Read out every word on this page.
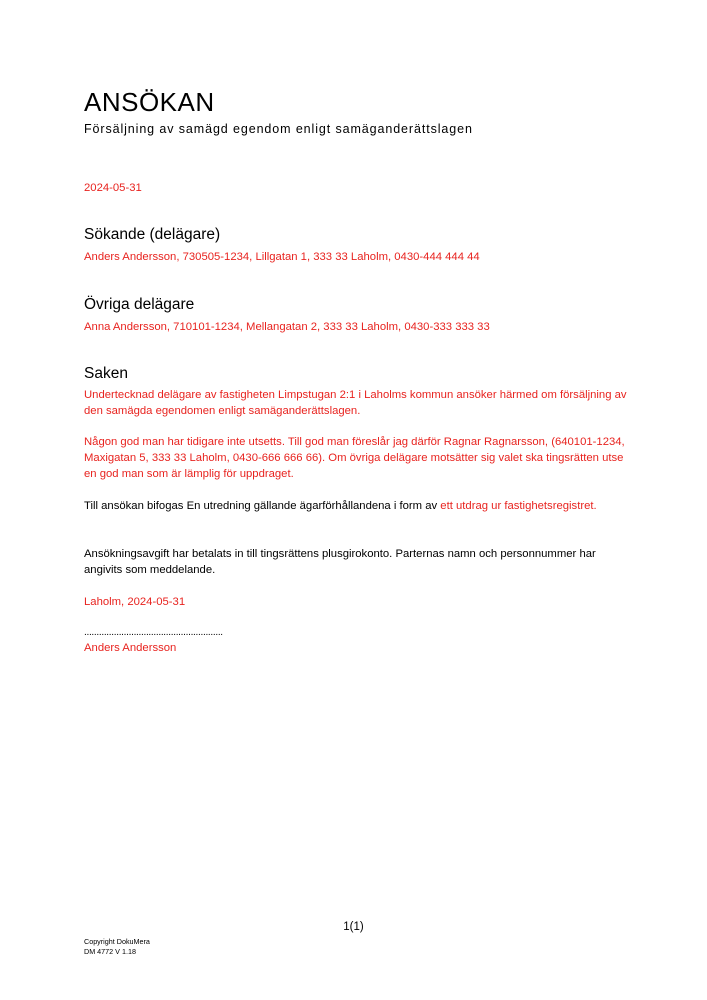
ANSÖKAN
Försäljning av samägd egendom enligt samäganderättslagen
2024-05-31
Sökande (delägare)
Anders Andersson, 730505-1234, Lillgatan 1, 333 33 Laholm, 0430-444 444 44
Övriga delägare
Anna Andersson, 710101-1234, Mellangatan 2, 333 33 Laholm, 0430-333 333 33
Saken
Undertecknad delägare av fastigheten Limpstugan 2:1 i Laholms kommun ansöker härmed om försäljning av den samägda egendomen enligt samäganderättslagen.
Någon god man har tidigare inte utsetts. Till god man föreslår jag därför Ragnar Ragnarsson, (640101-1234, Maxigatan 5, 333 33 Laholm, 0430-666 666 66). Om övriga delägare motsätter sig valet ska tingsrätten utse en god man som är lämplig för uppdraget.
Till ansökan bifogas En utredning gällande ägarförhållandena i form av ett utdrag ur fastighetsregistret.
Ansökningsavgift har betalats in till tingsrättens plusgirokonto. Parternas namn och personnummer har angivits som meddelande.
Laholm, 2024-05-31
........................................................
Anders Andersson
1(1)
Copyright DokuMera
DM 4772 V 1.18
